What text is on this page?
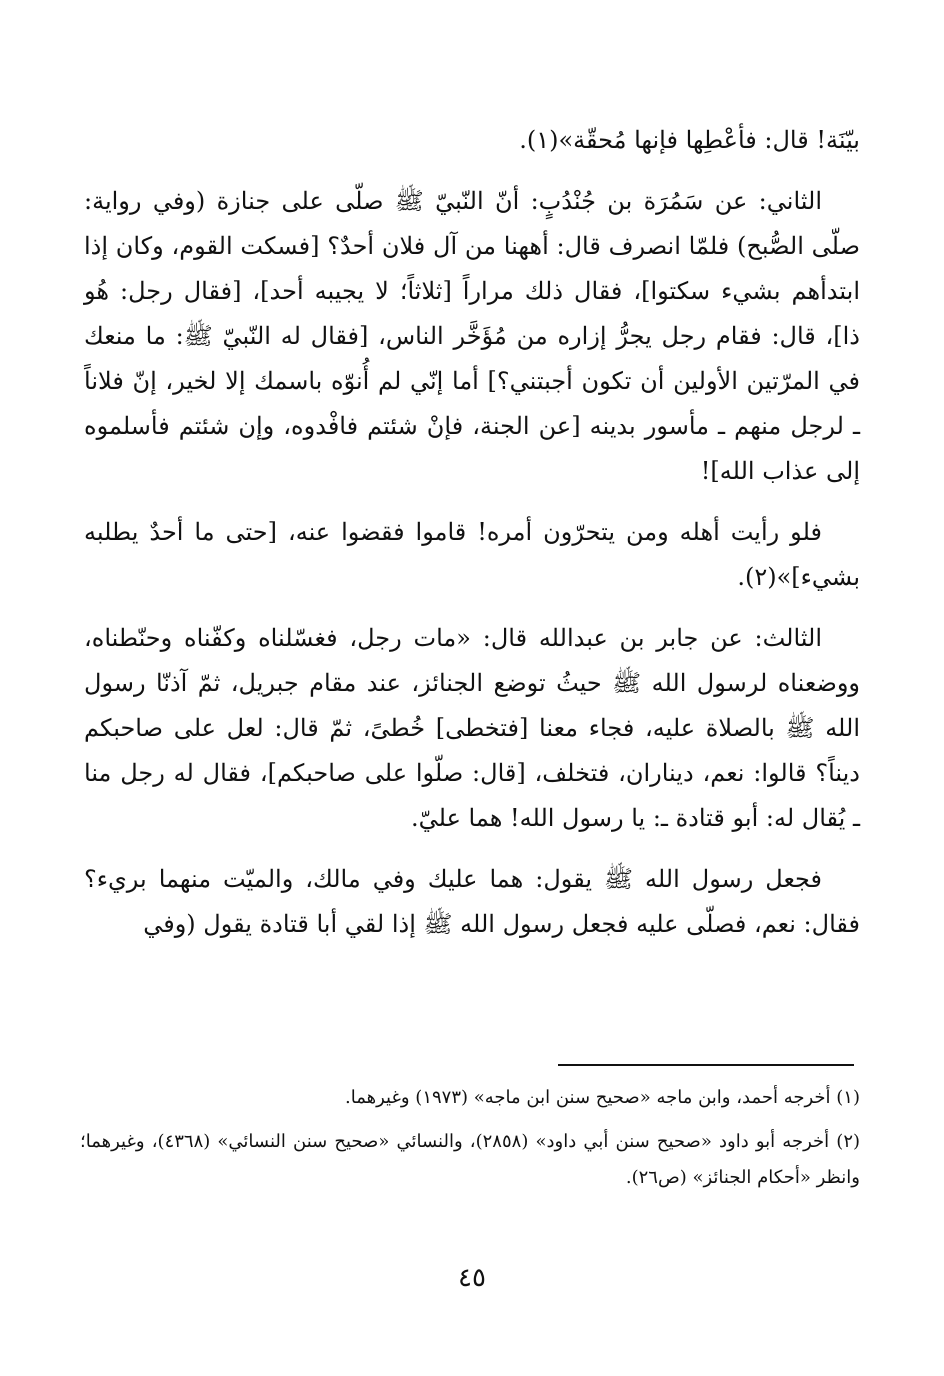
بيّنَة! قال: فأعْطِها فإنها مُحقّة»(١).

الثاني: عن سَمُرَة بن جُنْدُبٍ: أنّ النّبيّ ﷺ صلّى على جنازة (وفي رواية: صلّى الصُّبح) فلمّا انصرف قال: أههنا من آل فلان أحدٌ؟ [فسكت القوم، وكان إذا ابتدأهم بشيء سكتوا]، فقال ذلك مراراً [ثلاثاً؛ لا يجيبه أحد]، [فقال رجل: هُو ذا]، قال: فقام رجل يجرُّ إزاره من مُؤَخَّر الناس، [فقال له النّبيّ ﷺ: ما منعك في المرّتين الأولين أن تكون أجبتني؟] أما إنّي لم أُنوّه باسمك إلا لخير، إنّ فلاناً ـ لرجل منهم ـ مأسور بدينه [عن الجنة، فإنْ شئتم فافْدوه، وإن شئتم فأسلموه إلى عذاب الله]!

فلو رأيت أهله ومن يتحرّون أمره! قاموا فقضوا عنه، [حتى ما أحدٌ يطلبه بشيء]»(٢).

الثالث: عن جابر بن عبدالله قال: «مات رجل، فغسّلناه وكفّناه وحنّطناه، ووضعناه لرسول الله ﷺ حيثُ توضع الجنائز، عند مقام جبريل، ثمّ آذنّا رسول الله ﷺ بالصلاة عليه، فجاء معنا [فتخطى] خُطىً، ثمّ قال: لعل على صاحبكم ديناً؟ قالوا: نعم، ديناران، فتخلف، [قال: صلّوا على صاحبكم]، فقال له رجل منا ـ يُقال له: أبو قتادة ـ: يا رسول الله! هما عليّ.

فجعل رسول الله ﷺ يقول: هما عليك وفي مالك، والميّت منهما بريء؟ فقال: نعم، فصلّى عليه فجعل رسول الله ﷺ إذا لقي أبا قتادة يقول (وفي

(١) أخرجه أحمد، وابن ماجه «صحيح سنن ابن ماجه» (١٩٧٣) وغيرهما.

(٢) أخرجه أبو داود «صحيح سنن أبي داود» (٢٨٥٨)، والنسائي «صحيح سنن النسائي» (٤٣٦٨)، وغيرهما؛ وانظر «أحكام الجنائز» (ص٢٦).

٤٥
